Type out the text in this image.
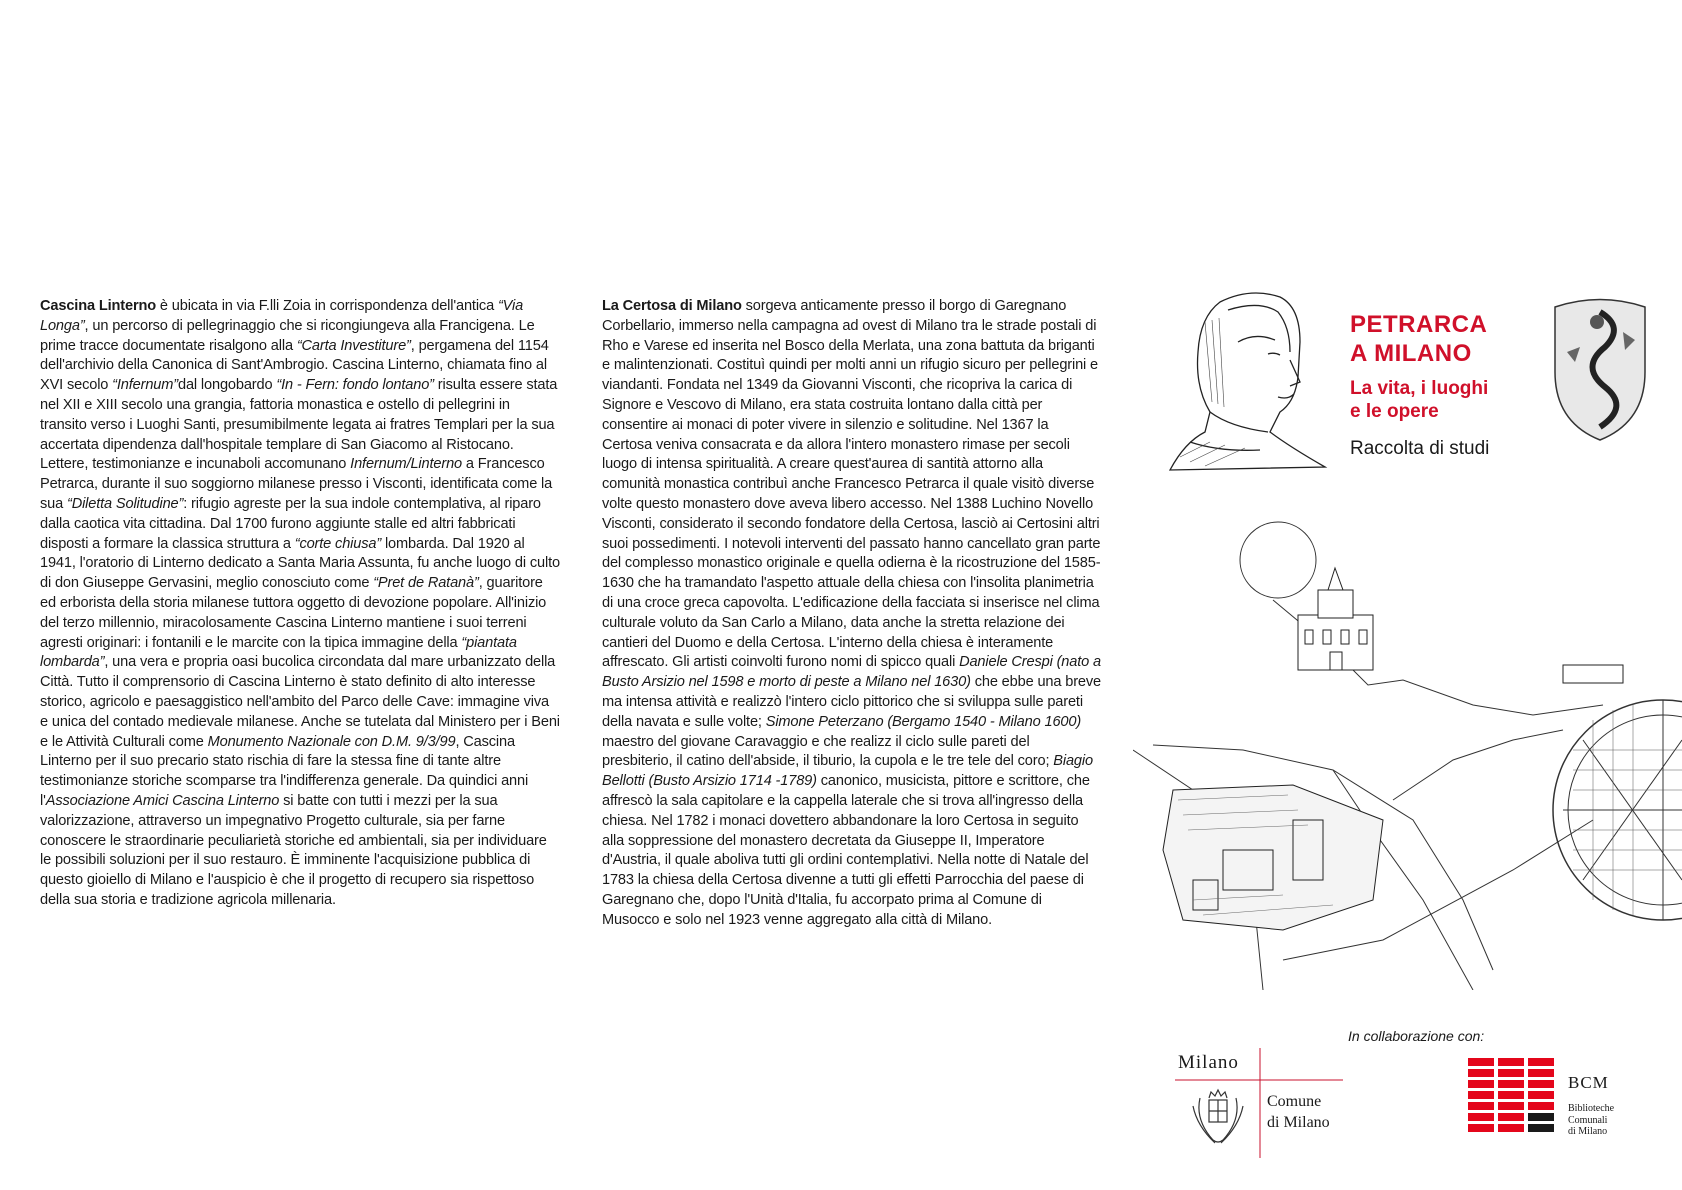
Cascina Linterno è ubicata in via F.lli Zoia in corrispondenza dell'antica “Via Longa”, un percorso di pellegrinaggio che si ricongiungeva alla Francigena. Le prime tracce documentate risalgono alla “Carta Investiture”, pergamena del 1154 dell'archivio della Canonica di Sant'Ambrogio. Cascina Linterno, chiamata fino al XVI secolo “Infernum”dal longobardo “In - Fern: fondo lontano” risulta essere stata nel XII e XIII secolo una grangia, fattoria monastica e ostello di pellegrini in transito verso i Luoghi Santi, presumibilmente legata ai fratres Templari per la sua accertata dipendenza dall'hospitale templare di San Giacomo al Ristocano. Lettere, testimonianze e incunaboli accomunano Infernum/Linterno a Francesco Petrarca, durante il suo soggiorno milanese presso i Visconti, identificata come la sua “Diletta Solitudine”: rifugio agreste per la sua indole contemplativa, al riparo dalla caotica vita cittadina. Dal 1700 furono aggiunte stalle ed altri fabbricati disposti a formare la classica struttura a “corte chiusa” lombarda. Dal 1920 al 1941, l'oratorio di Linterno dedicato a Santa Maria Assunta, fu anche luogo di culto di don Giuseppe Gervasini, meglio conosciuto come “Pret de Ratanà”, guaritore ed erborista della storia milanese tuttora oggetto di devozione popolare. All'inizio del terzo millennio, miracolosamente Cascina Linterno mantiene i suoi terreni agresti originari: i fontanili e le marcite con la tipica immagine della “piantata lombarda”, una vera e propria oasi bucolica circondata dal mare urbanizzato della Città. Tutto il comprensorio di Cascina Linterno è stato definito di alto interesse storico, agricolo e paesaggistico nell'ambito del Parco delle Cave: immagine viva e unica del contado medievale milanese. Anche se tutelata dal Ministero per i Beni e le Attività Culturali come Monumento Nazionale con D.M. 9/3/99, Cascina Linterno per il suo precario stato rischia di fare la stessa fine di tante altre testimonianze storiche scomparse tra l'indifferenza generale. Da quindici anni l'Associazione Amici Cascina Linterno si batte con tutti i mezzi per la sua valorizzazione, attraverso un impegnativo Progetto culturale, sia per farne conoscere le straordinarie peculiarietà storiche ed ambientali, sia per individuare le possibili soluzioni per il suo restauro. È imminente l'acquisizione pubblica di questo gioiello di Milano e l'auspicio è che il progetto di recupero sia rispettoso della sua storia e tradizione agricola millenaria.

La Certosa di Milano sorgeva anticamente presso il borgo di Garegnano Corbellario, immerso nella campagna ad ovest di Milano tra le strade postali di Rho e Varese ed inserita nel Bosco della Merlata, una zona battuta da briganti e malintenzionati. Costituì quindi per molti anni un rifugio sicuro per pellegrini e viandanti. Fondata nel 1349 da Giovanni Visconti, che ricopriva la carica di Signore e Vescovo di Milano, era stata costruita lontano dalla città per consentire ai monaci di poter vivere in silenzio e solitudine. Nel 1367 la Certosa veniva consacrata e da allora l'intero monastero rimase per secoli luogo di intensa spiritualità. A creare quest'aurea di santità attorno alla comunità monastica contribuì anche Francesco Petrarca il quale visitò diverse volte questo monastero dove aveva libero accesso. Nel 1388 Luchino Novello Visconti, considerato il secondo fondatore della Certosa, lasciò ai Certosini altri suoi possedimenti. I notevoli interventi del passato hanno cancellato gran parte del complesso monastico originale e quella odierna è la ricostruzione del 1585-1630 che ha tramandato l'aspetto attuale della chiesa con l'insolita planimetria di una croce greca capovolta. L'edificazione della facciata si inserisce nel clima culturale voluto da San Carlo a Milano, data anche la stretta relazione dei cantieri del Duomo e della Certosa. L'interno della chiesa è interamente affrescato. Gli artisti coinvolti furono nomi di spicco quali Daniele Crespi (nato a Busto Arsizio nel 1598 e morto di peste a Milano nel 1630) che ebbe una breve ma intensa attività e realizzò l'intero ciclo pittorico che si sviluppa sulle pareti della navata e sulle volte; Simone Peterzano (Bergamo 1540 - Milano 1600) maestro del giovane Caravaggio e che realizz il ciclo sulle pareti del presbiterio, il catino dell'abside, il tiburio, la cupola e le tre tele del coro; Biagio Bellotti (Busto Arsizio 1714 -1789) canonico, musicista, pittore e scrittore, che affrescò la sala capitolare e la cappella laterale che si trova all'ingresso della chiesa. Nel 1782 i monaci dovettero abbandonare la loro Certosa in seguito alla soppressione del monastero decretata da Giuseppe II, Imperatore d'Austria, il quale aboliva tutti gli ordini contemplativi. Nella notte di Natale del 1783 la chiesa della Certosa divenne a tutti gli effetti Parrocchia del paese di Garegnano che, dopo l'Unità d'Italia, fu accorpato prima al Comune di Musocco e solo nel 1923 venne aggregato alla città di Milano.

PETRARCA
A MILANO
La vita, i luoghi
e le opere
Raccolta di studi
In collaborazione con:
Milano
Comune
di Milano
BCM
Biblioteche
Comunali
di Milano
